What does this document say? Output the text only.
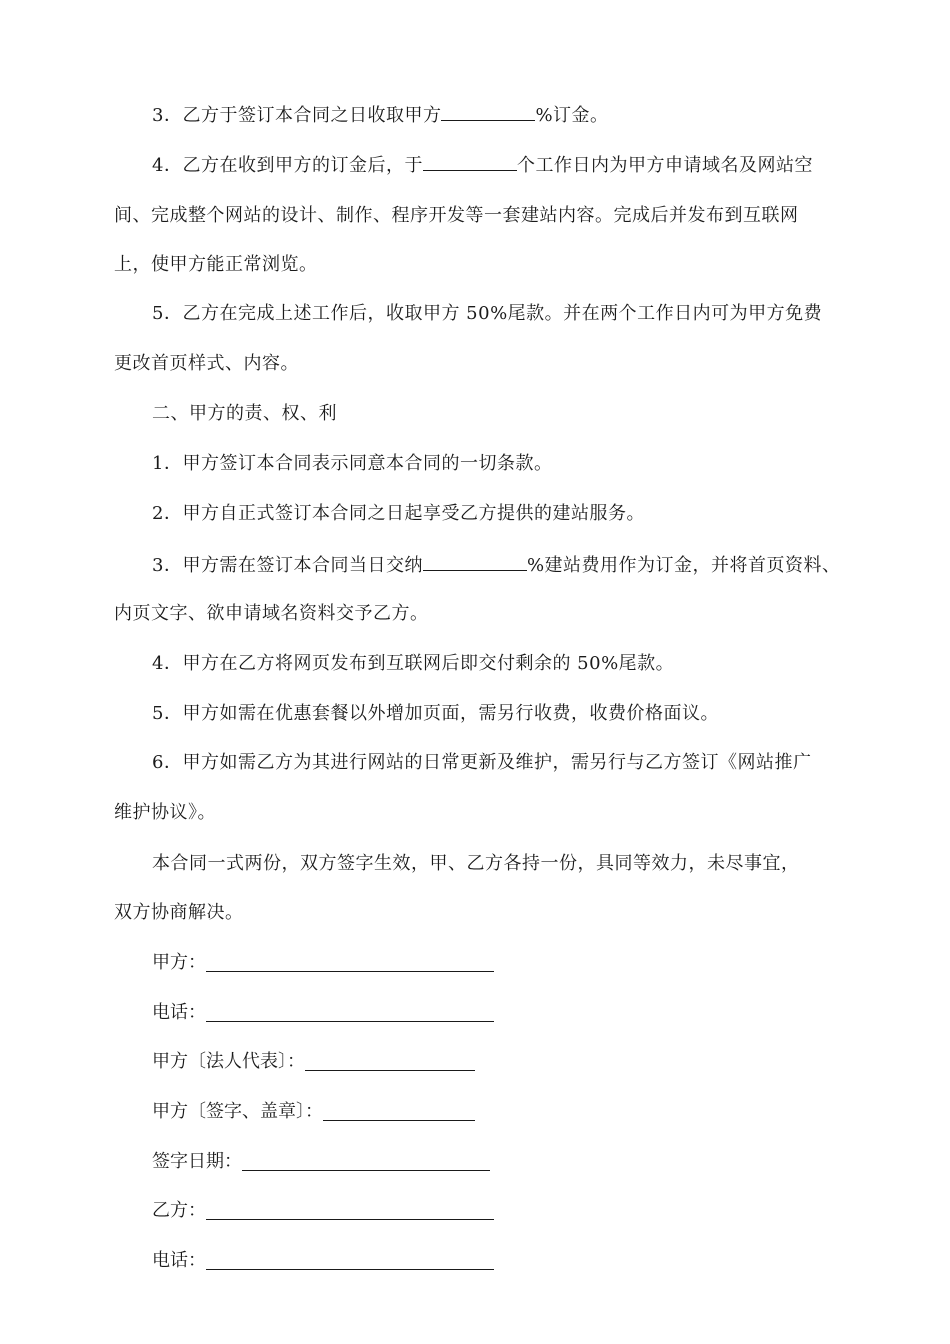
3．乙方于签订本合同之日收取甲方	%订金。
4．乙方在收到甲方的订金后，于	个工作日内为甲方申请域名及网站空
间、完成整个网站的设计、制作、程序开发等一套建站内容。完成后并发布到互联网
上，使甲方能正常浏览。
5．乙方在完成上述工作后，收取甲方 50%尾款。并在两个工作日内可为甲方免费
更改首页样式、内容。
二、甲方的责、权、利
1．甲方签订本合同表示同意本合同的一切条款。
2．甲方自正式签订本合同之日起享受乙方提供的建站服务。
3．甲方需在签订本合同当日交纳	%建站费用作为订金，并将首页资料、
内页文字、欲申请域名资料交予乙方。
4．甲方在乙方将网页发布到互联网后即交付剩余的 50%尾款。
5．甲方如需在优惠套餐以外增加页面，需另行收费，收费价格面议。
6．甲方如需乙方为其进行网站的日常更新及维护，需另行与乙方签订《网站推广
维护协议》。
本合同一式两份，双方签字生效，甲、乙方各持一份，具同等效力，未尽事宜，
双方协商解决。
甲方：
电话：
甲方〔法人代表〕：
甲方〔签字、盖章〕：
签字日期：
乙方：
电话：
